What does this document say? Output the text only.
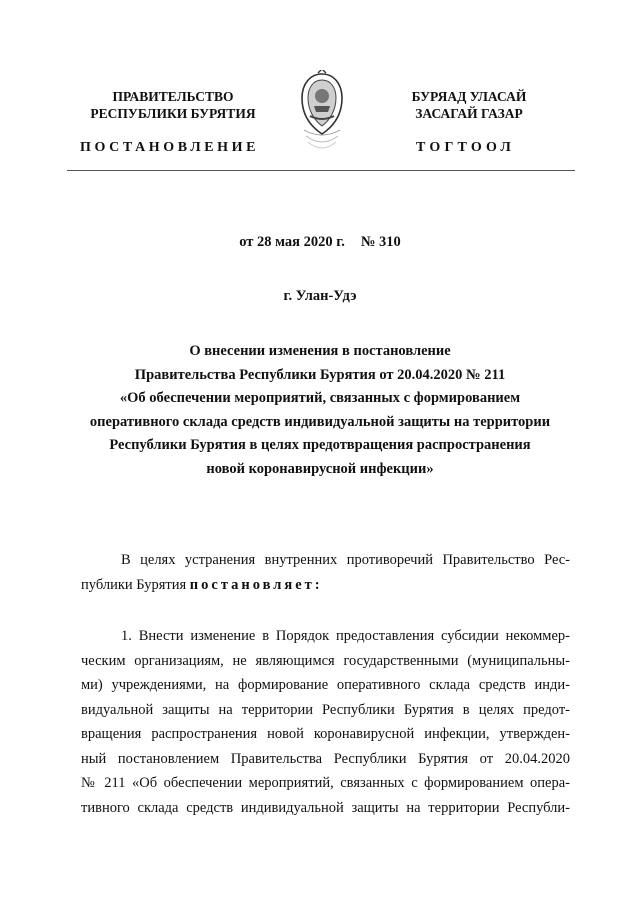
ПРАВИТЕЛЬСТВО
РЕСПУБЛИКИ БУРЯТИЯ
ПОСТАНОВЛЕНИЕ
БУРЯАД УЛАСАЙ
ЗАСАГАЙ ГАЗАР
ТОГТООЛ
от 28 мая 2020 г. № 310
г. Улан-Удэ
О внесении изменения в постановление
Правительства Республики Бурятия от 20.04.2020 № 211
«Об обеспечении мероприятий, связанных с формированием
оперативного склада средств индивидуальной защиты на территории
Республики Бурятия в целях предотвращения распространения
новой коронавирусной инфекции»
В целях устранения внутренних противоречий Правительство Рес-
публики Бурятия постановляет:
1. Внести изменение в Порядок предоставления субсидии некоммер-
ческим организациям, не являющимся государственными (муниципальны-
ми) учреждениями, на формирование оперативного склада средств инди-
видуальной защиты на территории Республики Бурятия в целях предот-
вращения распространения новой коронавирусной инфекции, утвержден-
ный постановлением Правительства Республики Бурятия от 20.04.2020
№ 211 «Об обеспечении мероприятий, связанных с формированием опера-
тивного склада средств индивидуальной защиты на территории Республи-
